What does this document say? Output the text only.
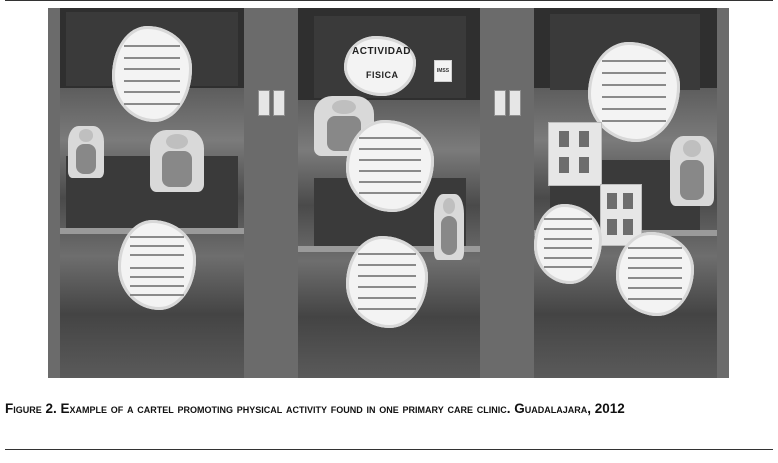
ACTIVIDAD
FISICA	IMSS
Figure 2. Example of a cartel promoting physical activity found in one primary care clinic. Guadalajara, 2012
